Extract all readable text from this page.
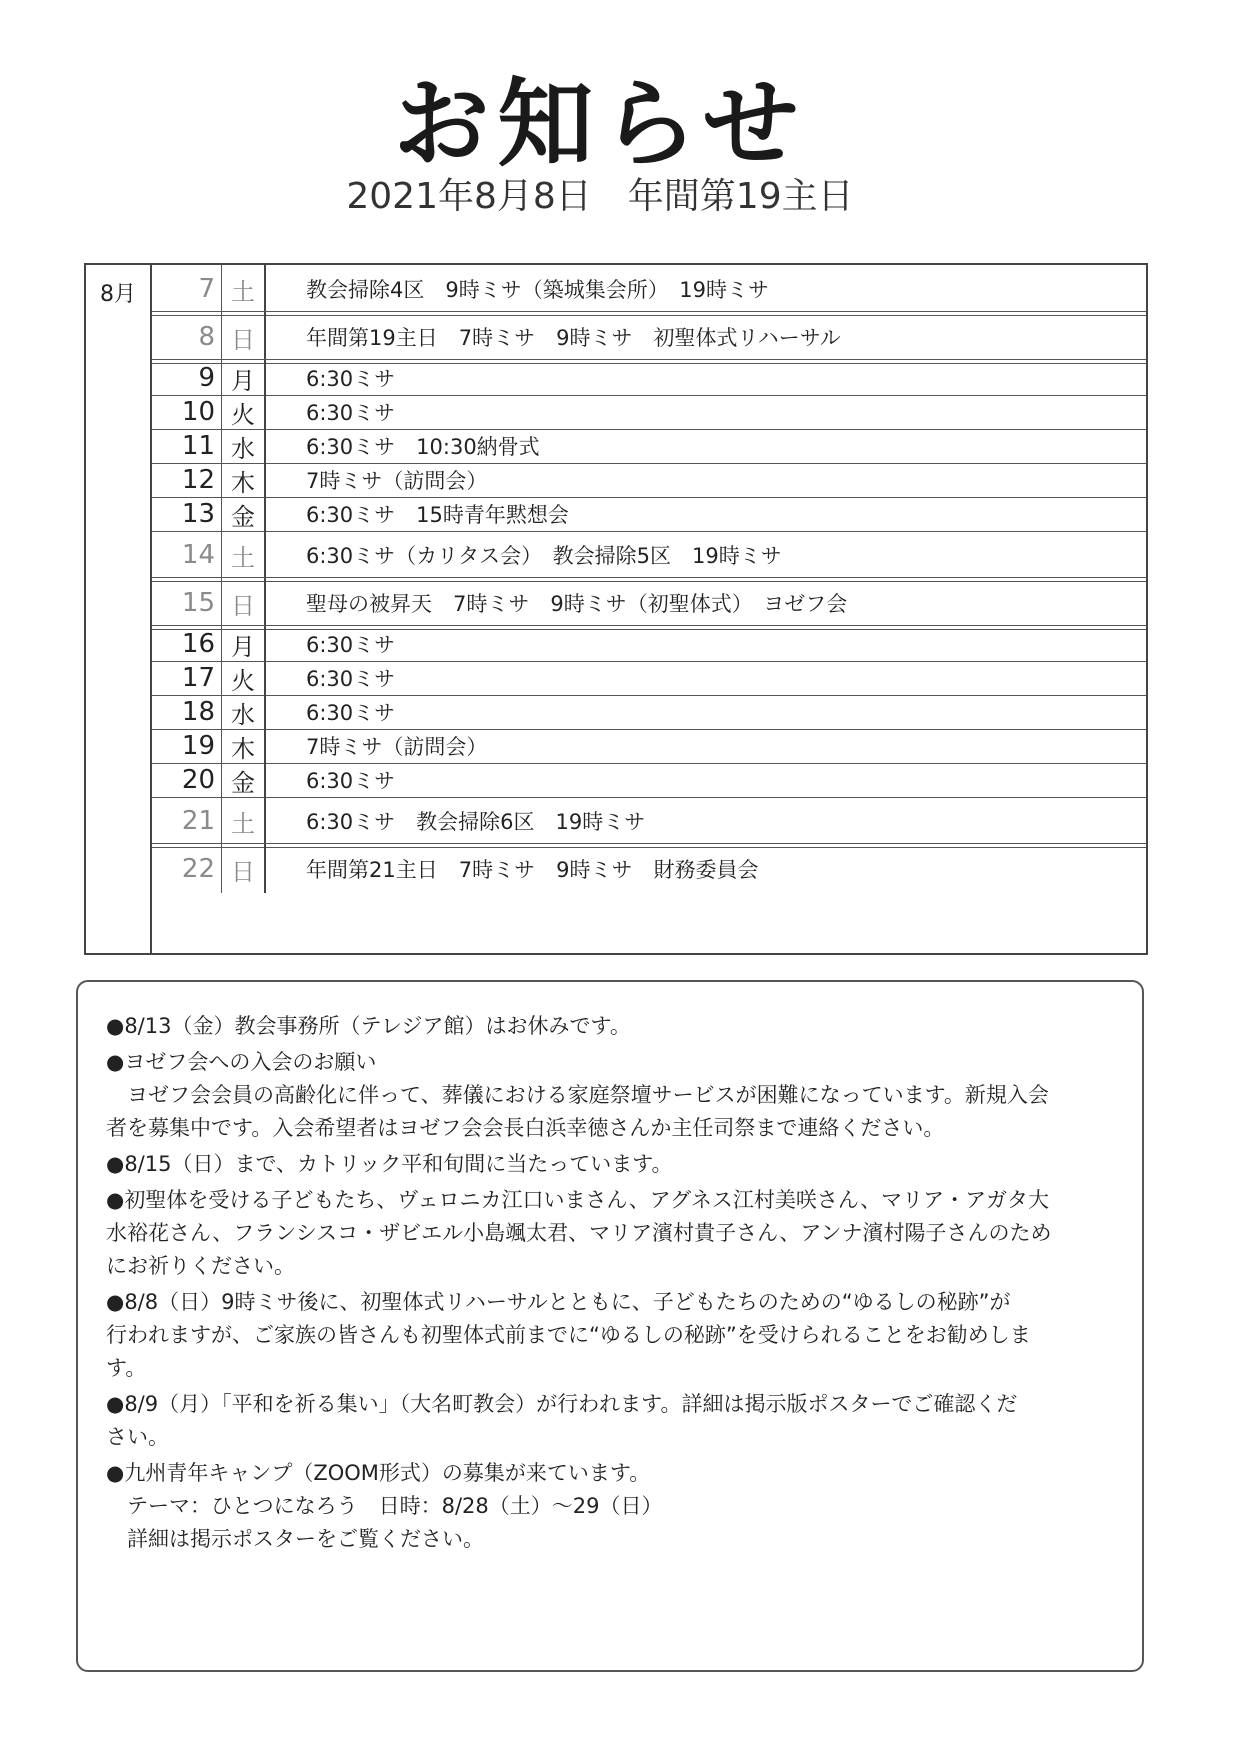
お知らせ
2021年8月8日　年間第19主日
8月	7 土	教会掃除4区　9時ミサ（築城集会所）　19時ミサ
8 日	年間第19主日　7時ミサ　9時ミサ　初聖体式リハーサル
9 月	6:30ミサ
10 火	6:30ミサ
11 水	6:30ミサ　10:30納骨式
12 木	7時ミサ（訪問会）
13 金	6:30ミサ　15時青年黙想会
14 土	6:30ミサ（カリタス会）　教会掃除5区　19時ミサ
15 日	聖母の被昇天　7時ミサ　9時ミサ（初聖体式）　ヨゼフ会
16 月	6:30ミサ
17 火	6:30ミサ
18 水	6:30ミサ
19 木	7時ミサ（訪問会）
20 金	6:30ミサ
21 土	6:30ミサ　教会掃除6区　19時ミサ
22 日	年間第21主日　7時ミサ　9時ミサ　財務委員会
●8/13（金）教会事務所（テレジア館）はお休みです。
●ヨゼフ会への入会のお願い
ヨゼフ会会員の高齢化に伴って、葬儀における家庭祭壇サービスが困難になっています。新規入会
者を募集中です。入会希望者はヨゼフ会会長白浜幸徳さんか主任司祭まで連絡ください。
●8/15（日）まで、カトリック平和旬間に当たっています。
●初聖体を受ける子どもたち、ヴェロニカ江口いまさん、アグネス江村美咲さん、マリア・アガタ大
水裕花さん、フランシスコ・ザビエル小島颯太君、マリア濱村貴子さん、アンナ濱村陽子さんのため
にお祈りください。
●8/8（日）9時ミサ後に、初聖体式リハーサルとともに、子どもたちのための“ゆるしの秘跡”が
行われますが、ご家族の皆さんも初聖体式前までに“ゆるしの秘跡”を受けられることをお勧めしま
す。
●8/9（月）「平和を祈る集い」（大名町教会）が行われます。詳細は掲示版ポスターでご確認くだ
さい。
●九州青年キャンプ（ZOOM形式）の募集が来ています。
テーマ：ひとつになろう　日時：8/28（土）～29（日）
詳細は掲示ポスターをご覧ください。
